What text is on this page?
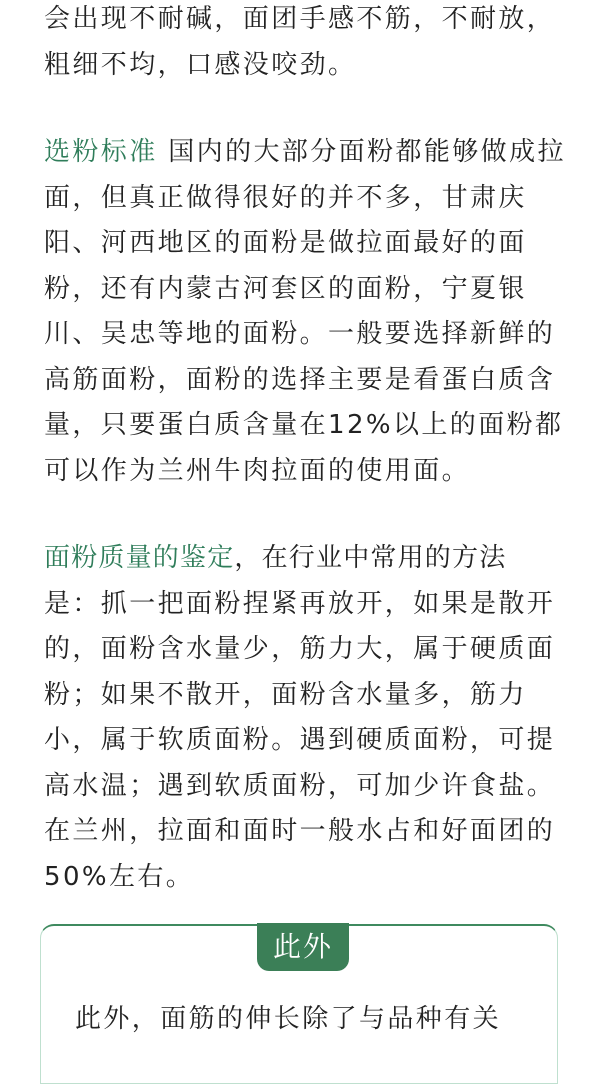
会出现不耐碱，面团手感不筋，不耐放，
粗细不均，口感没咬劲。
选粉标准 国内的大部分面粉都能够做成拉
面，但真正做得很好的并不多，甘肃庆
阳、河西地区的面粉是做拉面最好的面
粉，还有内蒙古河套区的面粉，宁夏银
川、吴忠等地的面粉。一般要选择新鲜的
高筋面粉，面粉的选择主要是看蛋白质含
量，只要蛋白质含量在12%以上的面粉都
可以作为兰州牛肉拉面的使用面。
面粉质量的鉴定，在行业中常用的方法
是：抓一把面粉捏紧再放开，如果是散开
的，面粉含水量少，筋力大，属于硬质面
粉；如果不散开，面粉含水量多，筋力
小，属于软质面粉。遇到硬质面粉，可提
高水温；遇到软质面粉，可加少许食盐。
在兰州，拉面和面时一般水占和好面团的
50%左右。
此外

此外，面筋的伸长除了与品种有关
